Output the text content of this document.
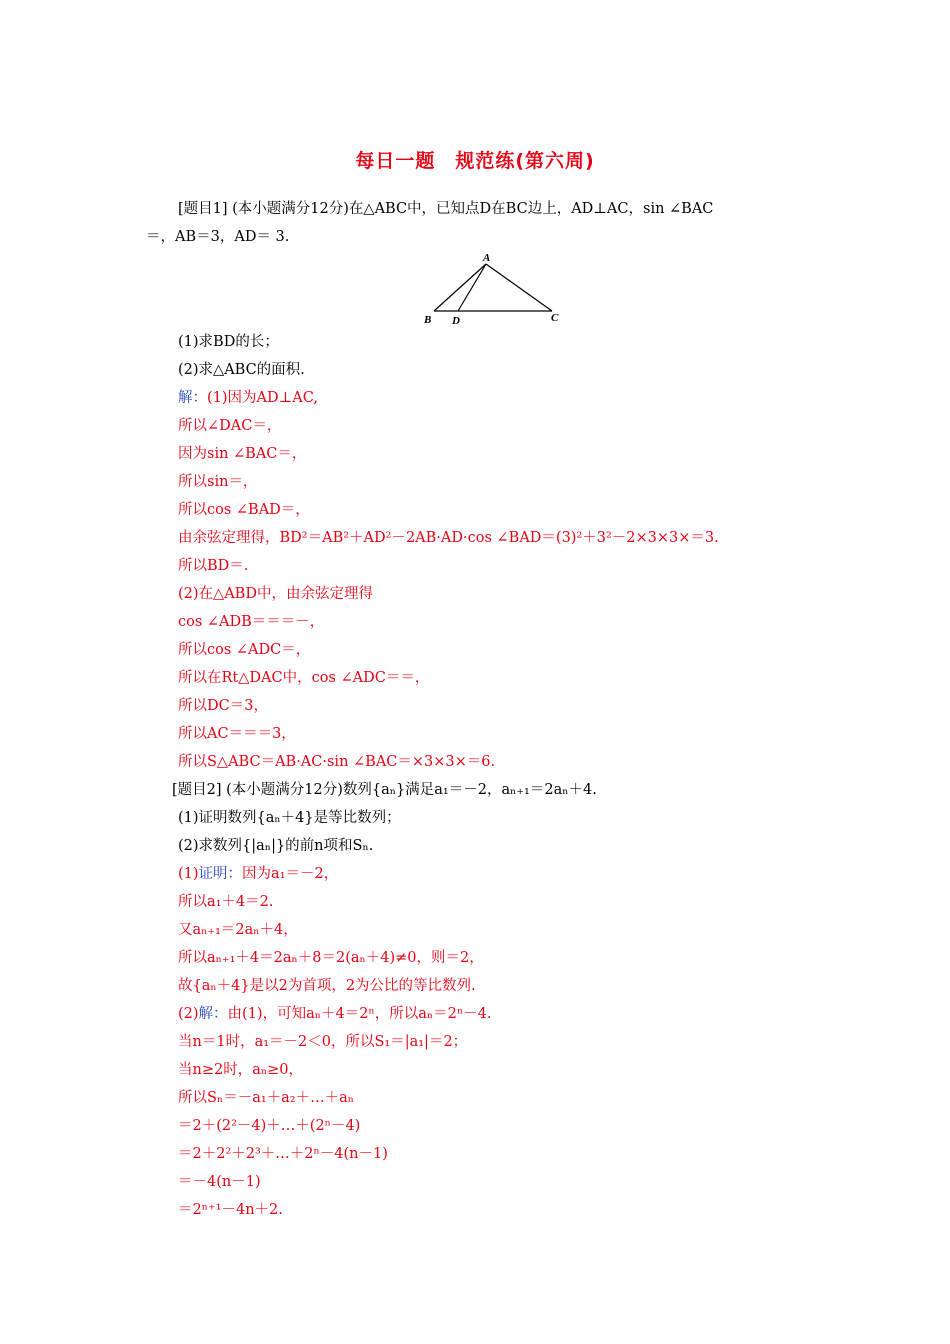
每日一题　规范练(第六周)
A
B D	C
[题目1] (本小题满分12分)在△ABC中，已知点D在BC边上，AD⊥AC，sin ∠BAC
＝，AB＝3，AD＝ 3.
(1)求BD的长；
(2)求△ABC的面积.
解：(1)因为AD⊥AC,
所以∠DAC＝，
因为sin ∠BAC＝，
所以sin＝，
所以cos ∠BAD＝，
由余弦定理得，BD²＝AB²＋AD²－2AB·AD·cos ∠BAD＝(3)²＋3²－2×3×3×＝3.
所以BD＝.
(2)在△ABD中，由余弦定理得
cos ∠ADB＝＝＝－，
所以cos ∠ADC＝，
所以在Rt△DAC中，cos ∠ADC＝＝，
所以DC＝3，
所以AC＝＝＝3，
所以S△ABC＝AB·AC·sin ∠BAC＝×3×3×＝6.
[题目2] (本小题满分12分)数列{aₙ}满足a₁＝－2，aₙ₊₁＝2aₙ＋4.
(1)证明数列{aₙ＋4}是等比数列；
(2)求数列{|aₙ|}的前n项和Sₙ.
(1)证明：因为a₁＝－2，
所以a₁＋4＝2.
又aₙ₊₁＝2aₙ＋4，
所以aₙ₊₁＋4＝2aₙ＋8＝2(aₙ＋4)≠0，则＝2，
故{aₙ＋4}是以2为首项，2为公比的等比数列.
(2)解：由(1)，可知aₙ＋4＝2ⁿ，所以aₙ＝2ⁿ－4.
当n＝1时，a₁＝－2＜0，所以S₁＝|a₁|＝2；
当n≥2时，aₙ≥0，
所以Sₙ＝－a₁＋a₂＋…＋aₙ
＝2＋(2²－4)＋…＋(2ⁿ－4)
＝2＋2²＋2³＋…＋2ⁿ－4(n－1)
＝－4(n－1)
＝2ⁿ⁺¹－4n＋2.
